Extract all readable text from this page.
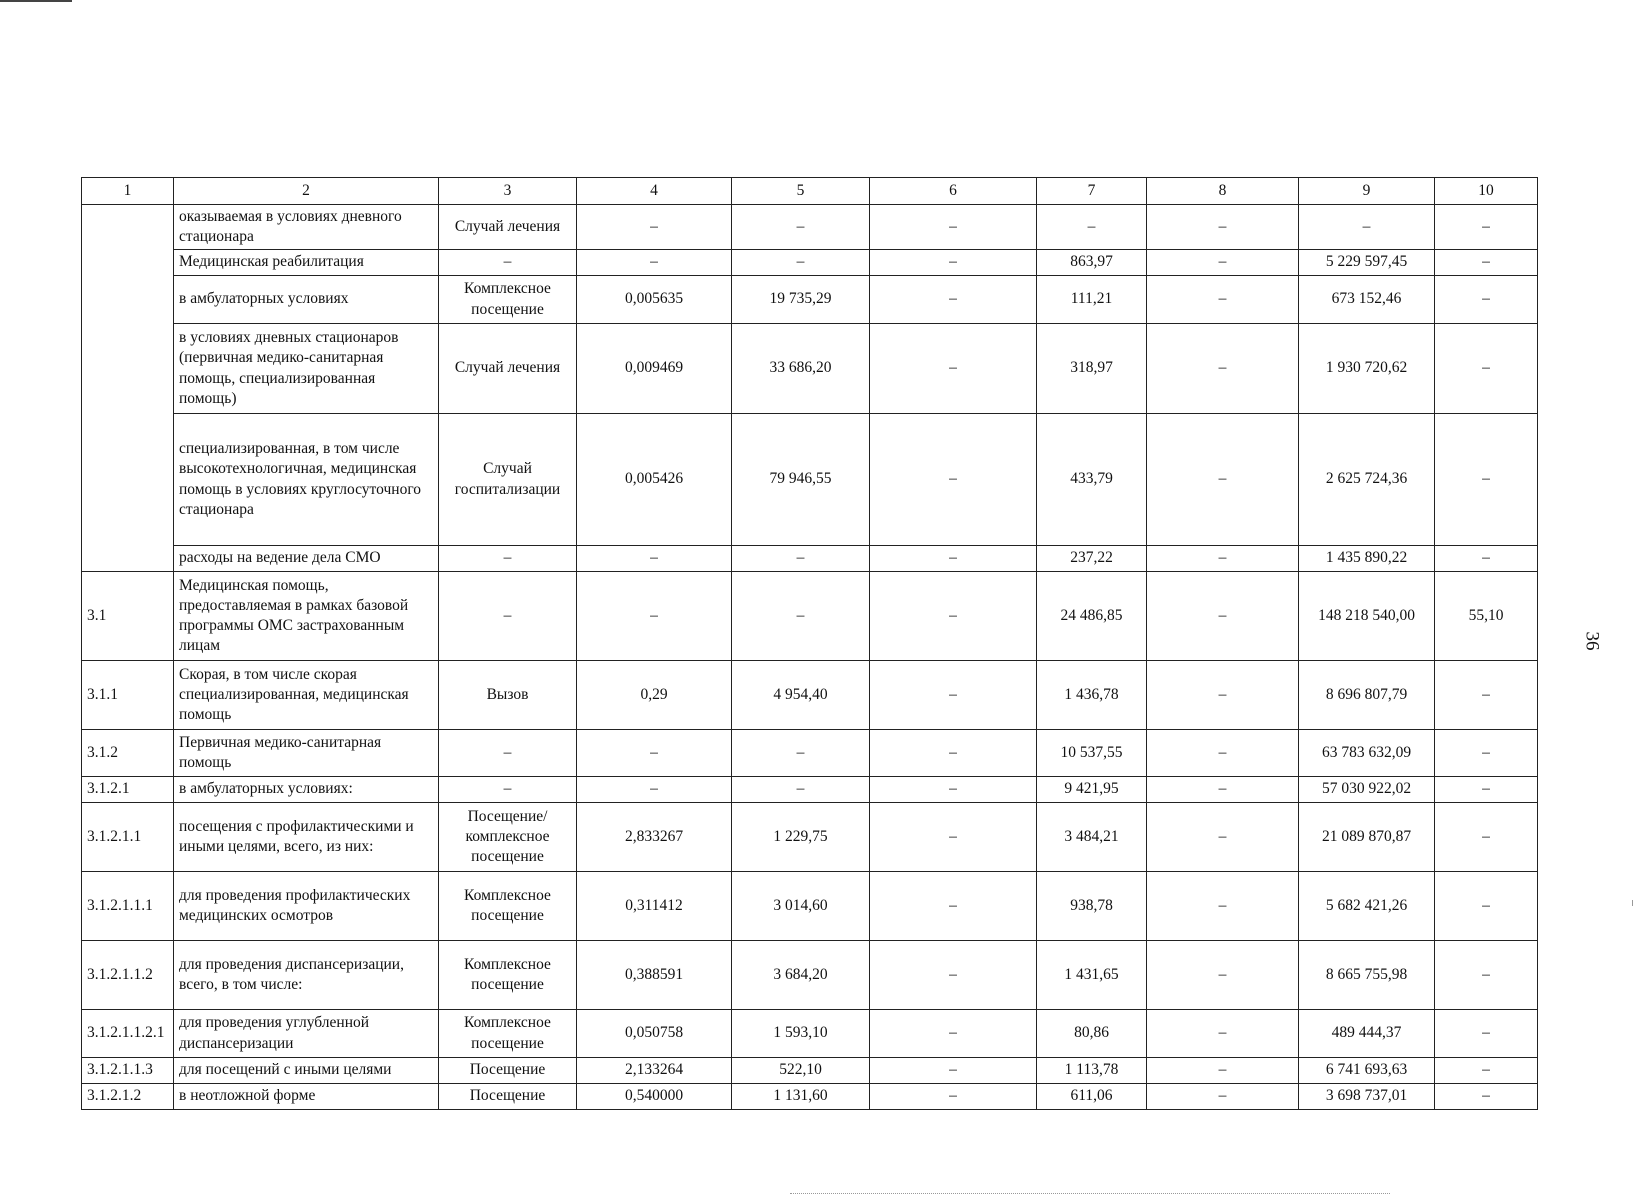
36
1	2	3	4	5	6	7	8	9	10
	оказываемая в условиях дневного стационара	Случай лечения	–	–	–	–	–	–	–
	Медицинская реабилитация	–	–	–	–	863,97	–	5 229 597,45	–
	в амбулаторных условиях	Комплексное посещение	0,005635	19 735,29	–	111,21	–	673 152,46	–
	в условиях дневных стационаров (первичная медико-санитарная помощь, специализированная помощь)	Случай лечения	0,009469	33 686,20	–	318,97	–	1 930 720,62	–
	специализированная, в том числе высокотехнологичная, медицинская помощь в условиях круглосуточного стационара	Случай госпитализации	0,005426	79 946,55	–	433,79	–	2 625 724,36	–
	расходы на ведение дела СМО	–	–	–	–	237,22	–	1 435 890,22	–
3.1	Медицинская помощь, предоставляемая в рамках базовой программы ОМС застрахованным лицам	–	–	–	–	24 486,85	–	148 218 540,00	55,10
3.1.1	Скорая, в том числе скорая специализированная, медицинская помощь	Вызов	0,29	4 954,40	–	1 436,78	–	8 696 807,79	–
3.1.2	Первичная медико-санитарная помощь	–	–	–	–	10 537,55	–	63 783 632,09	–
3.1.2.1	в амбулаторных условиях:	–	–	–	–	9 421,95	–	57 030 922,02	–
3.1.2.1.1	посещения с профилактическими и иными целями, всего, из них:	Посещение/ комплексное посещение	2,833267	1 229,75	–	3 484,21	–	21 089 870,87	–
3.1.2.1.1.1	для проведения профилактических медицинских осмотров	Комплексное посещение	0,311412	3 014,60	–	938,78	–	5 682 421,26	–
3.1.2.1.1.2	для проведения диспансеризации, всего, в том числе:	Комплексное посещение	0,388591	3 684,20	–	1 431,65	–	8 665 755,98	–
3.1.2.1.1.2.1	для проведения углубленной диспансеризации	Комплексное посещение	0,050758	1 593,10	–	80,86	–	489 444,37	–
3.1.2.1.1.3	для посещений с иными целями	Посещение	2,133264	522,10	–	1 113,78	–	6 741 693,63	–
3.1.2.1.2	в неотложной форме	Посещение	0,540000	1 131,60	–	611,06	–	3 698 737,01	–
